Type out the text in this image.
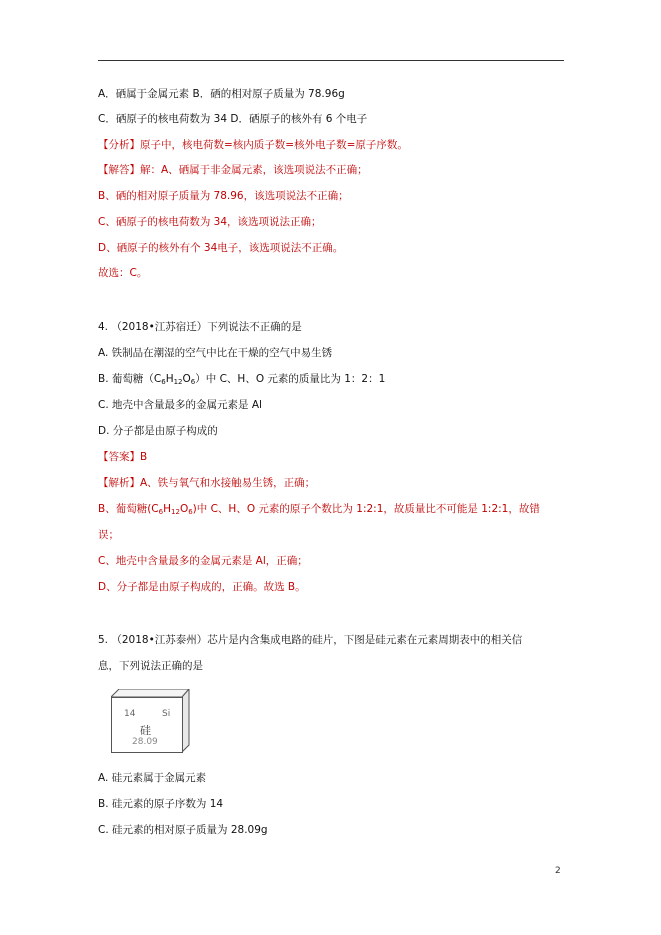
A．硒属于金属元素 B．硒的相对原子质量为 78.96g
C．硒原子的核电荷数为 34 D．硒原子的核外有 6 个电子
【分析】原子中，核电荷数=核内质子数=核外电子数=原子序数。
【解答】解：A、硒属于非金属元素，该选项说法不正确；
B、硒的相对原子质量为 78.96，该选项说法不正确；
C、硒原子的核电荷数为 34，该选项说法正确；
D、硒原子的核外有个 34电子，该选项说法不正确。
故选：C。
4. （2018•江苏宿迁）下列说法不正确的是
A. 铁制品在潮湿的空气中比在干燥的空气中易生锈
B. 葡萄糖$(C_6H_{12}O_6)$中 C、H、O 元素的质量比为 1：2：1
C. 地壳中含量最多的金属元素是 Al
D. 分子都是由原子构成的
【答案】B
【解析】A、铁与氧气和水接触易生锈，正确；
B、葡萄糖$(C_6H_{12}O_6)$中 C、H、O 元素的原子个数比为 1:2:1，故质量比不可能是 1:2:1，故错
误；
C、地壳中含量最多的金属元素是 Al，正确；
D、分子都是由原子构成的，正确。故选 B。
5. （2018•江苏泰州）芯片是内含集成电路的硅片，下图是硅元素在元素周期表中的相关信
息，下列说法正确的是
14	Si
硅
28.09
A. 硅元素属于金属元素
B. 硅元素的原子序数为 14
C. 硅元素的相对原子质量为 28.09g
2
